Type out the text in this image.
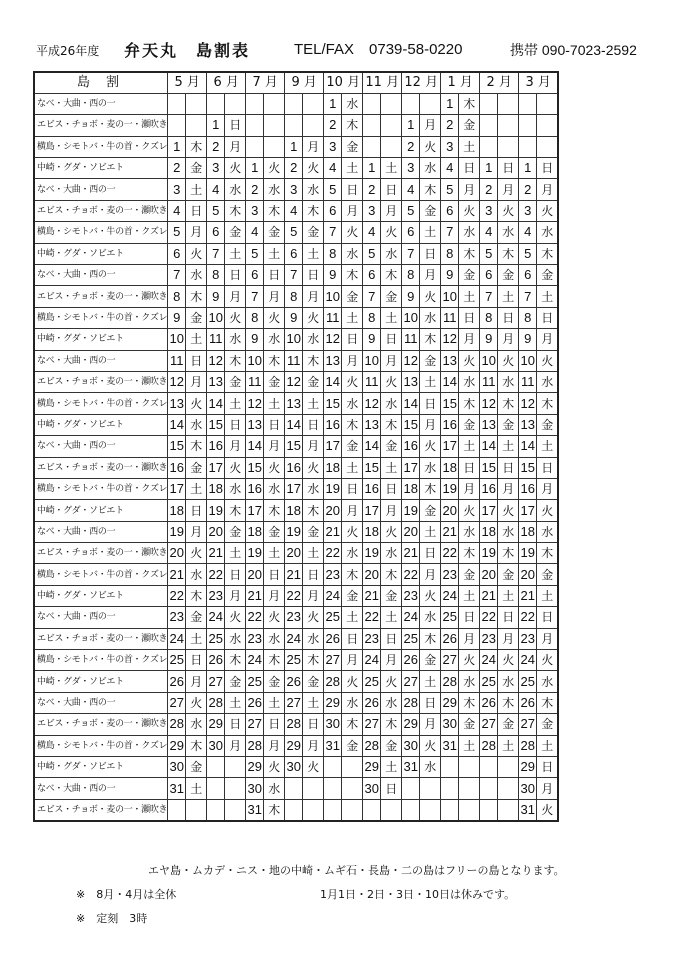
平成26年度 弁天丸　島割表	TEL/FAX　0739-58-0220	携帯 090-7023-2592
島 割	5 月		6 月		7 月		9 月		10 月		11 月		12 月		1 月		2 月		3 月	
なべ・大曲・西の一									1	水					1	木				
エビス・チョボ・麦の一・瀬吹き			1	日					2	木			1	月	2	金				
横島・シモトバ・牛の首・クズレ	1	木	2	月			1	月	3	金			2	火	3	土				
中崎・グダ・ソビエト	2	金	3	火	1	火	2	火	4	土	1	土	3	水	4	日	1	日	1	日
なべ・大曲・西の一	3	土	4	水	2	水	3	水	5	日	2	日	4	木	5	月	2	月	2	月
エビス・チョボ・麦の一・瀬吹き	4	日	5	木	3	木	4	木	6	月	3	月	5	金	6	火	3	火	3	火
横島・シモトバ・牛の首・クズレ	5	月	6	金	4	金	5	金	7	火	4	火	6	土	7	水	4	水	4	水
中崎・グダ・ソビエト	6	火	7	土	5	土	6	土	8	水	5	水	7	日	8	木	5	木	5	木
なべ・大曲・西の一	7	水	8	日	6	日	7	日	9	木	6	木	8	月	9	金	6	金	6	金
エビス・チョボ・麦の一・瀬吹き	8	木	9	月	7	月	8	月	10	金	7	金	9	火	10	土	7	土	7	土
横島・シモトバ・牛の首・クズレ	9	金	10	火	8	火	9	火	11	土	8	土	10	水	11	日	8	日	8	日
中崎・グダ・ソビエト	10	土	11	水	9	水	10	水	12	日	9	日	11	木	12	月	9	月	9	月
なべ・大曲・西の一	11	日	12	木	10	木	11	木	13	月	10	月	12	金	13	火	10	火	10	火
エビス・チョボ・麦の一・瀬吹き	12	月	13	金	11	金	12	金	14	火	11	火	13	土	14	水	11	水	11	水
横島・シモトバ・牛の首・クズレ	13	火	14	土	12	土	13	土	15	水	12	水	14	日	15	木	12	木	12	木
中崎・グダ・ソビエト	14	水	15	日	13	日	14	日	16	木	13	木	15	月	16	金	13	金	13	金
なべ・大曲・西の一	15	木	16	月	14	月	15	月	17	金	14	金	16	火	17	土	14	土	14	土
エビス・チョボ・麦の一・瀬吹き	16	金	17	火	15	火	16	火	18	土	15	土	17	水	18	日	15	日	15	日
横島・シモトバ・牛の首・クズレ	17	土	18	水	16	水	17	水	19	日	16	日	18	木	19	月	16	月	16	月
中崎・グダ・ソビエト	18	日	19	木	17	木	18	木	20	月	17	月	19	金	20	火	17	火	17	火
なべ・大曲・西の一	19	月	20	金	18	金	19	金	21	火	18	火	20	土	21	水	18	水	18	水
エビス・チョボ・麦の一・瀬吹き	20	火	21	土	19	土	20	土	22	水	19	水	21	日	22	木	19	木	19	木
横島・シモトバ・牛の首・クズレ	21	水	22	日	20	日	21	日	23	木	20	木	22	月	23	金	20	金	20	金
中崎・グダ・ソビエト	22	木	23	月	21	月	22	月	24	金	21	金	23	火	24	土	21	土	21	土
なべ・大曲・西の一	23	金	24	火	22	火	23	火	25	土	22	土	24	水	25	日	22	日	22	日
エビス・チョボ・麦の一・瀬吹き	24	土	25	水	23	水	24	水	26	日	23	日	25	木	26	月	23	月	23	月
横島・シモトバ・牛の首・クズレ	25	日	26	木	24	木	25	木	27	月	24	月	26	金	27	火	24	火	24	火
中崎・グダ・ソビエト	26	月	27	金	25	金	26	金	28	火	25	火	27	土	28	水	25	水	25	水
なべ・大曲・西の一	27	火	28	土	26	土	27	土	29	水	26	水	28	日	29	木	26	木	26	木
エビス・チョボ・麦の一・瀬吹き	28	水	29	日	27	日	28	日	30	木	27	木	29	月	30	金	27	金	27	金
横島・シモトバ・牛の首・クズレ	29	木	30	月	28	月	29	月	31	金	28	金	30	火	31	土	28	土	28	土
中崎・グダ・ソビエト	30	金			29	火	30	火			29	土	31	水					29	日
なべ・大曲・西の一	31	土			30	水					30	日							30	月
エビス・チョボ・麦の一・瀬吹き					31	木													31	火
エヤ島・ムカデ・ニス・地の中崎・ムギ石・長島・二の島はフリーの島となります。
※　8月・4月は全休	1月1日・2日・3日・10日は休みです。
※　定刻　3時
